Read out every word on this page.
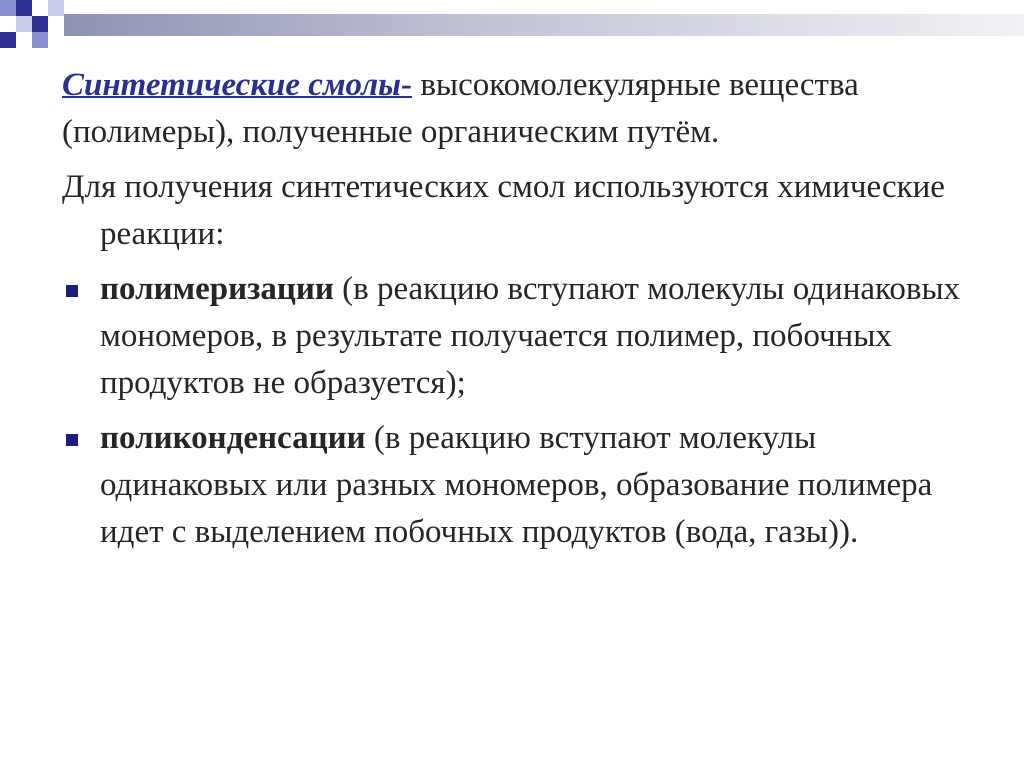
Синтетические смолы- высокомолекулярные вещества (полимеры), полученные органическим путём.

Для получения синтетических смол используются химические реакции:

полимеризации (в реакцию вступают молекулы одинаковых мономеров, в результате получается полимер, побочных продуктов не образуется);
поликонденсации (в реакцию вступают молекулы одинаковых или разных мономеров, образование полимера идет с выделением побочных продуктов (вода, газы)).
